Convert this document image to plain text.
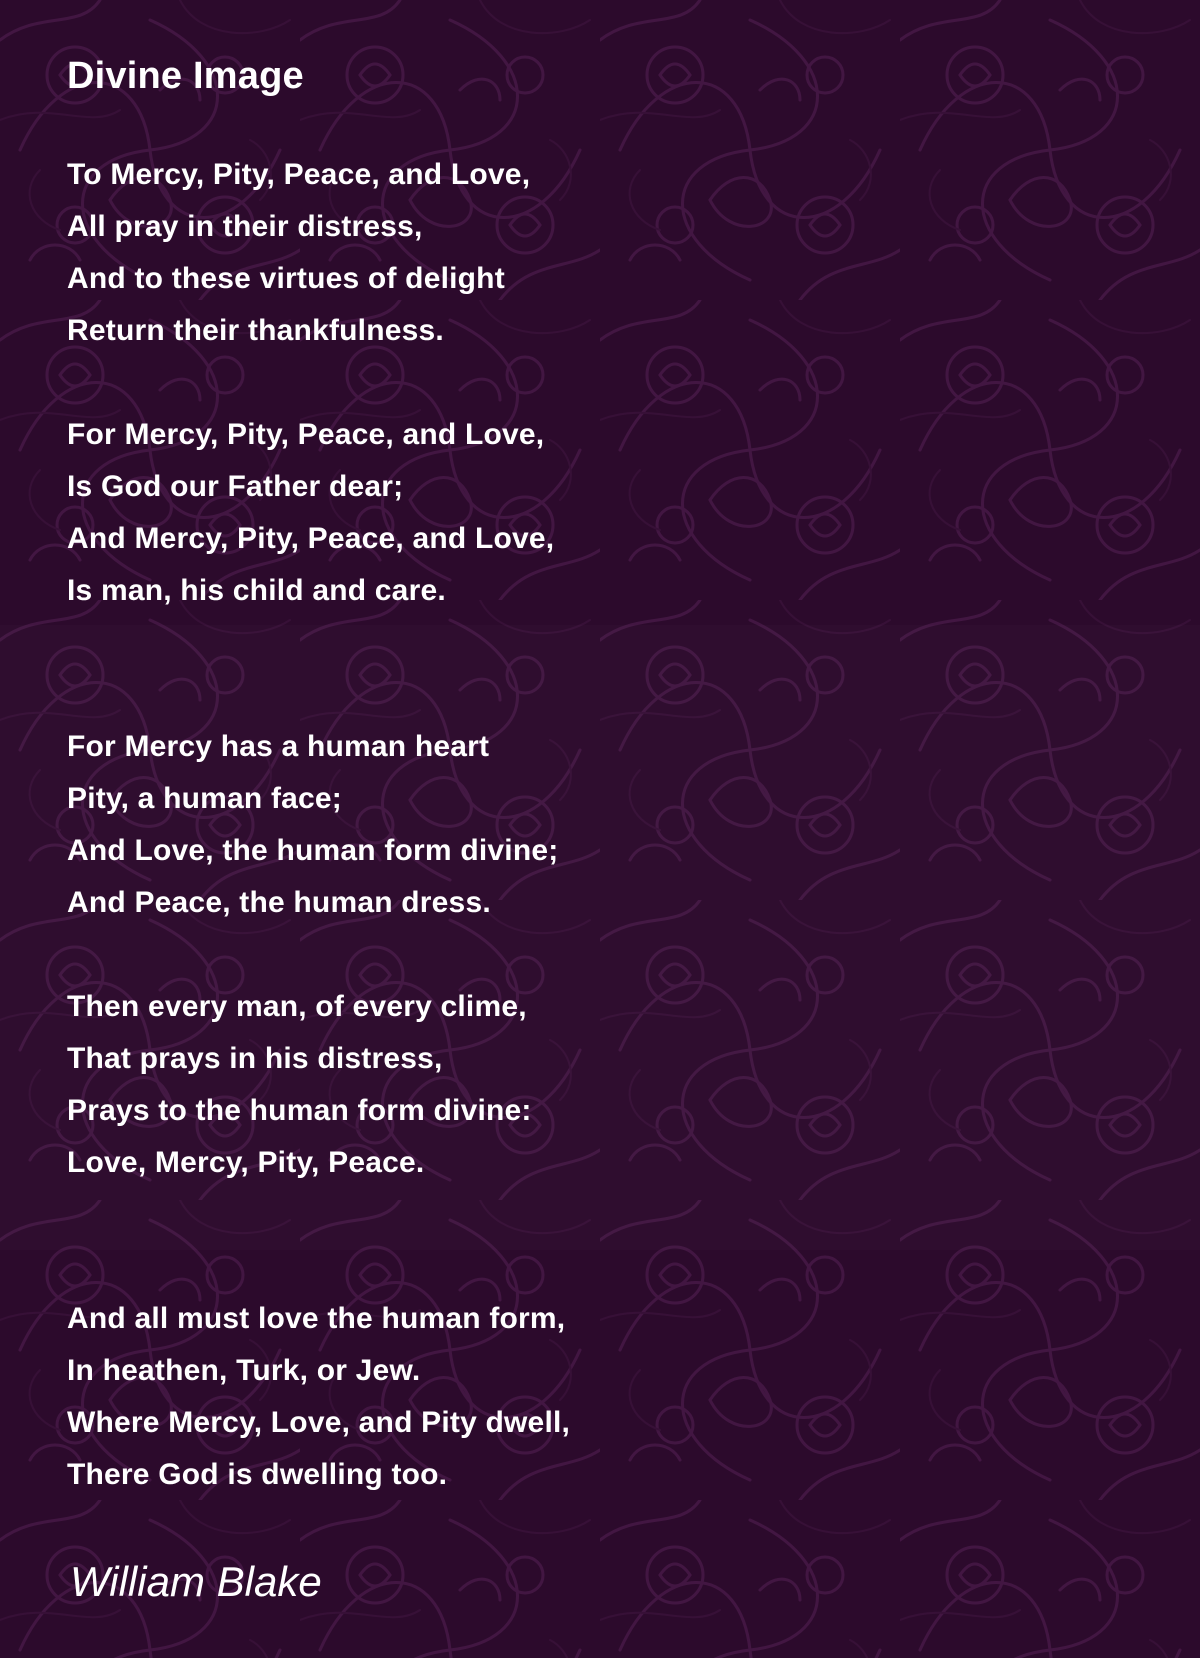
Divine Image
To Mercy, Pity, Peace, and Love,
All pray in their distress,
And to these virtues of delight
Return their thankfulness.
For Mercy, Pity, Peace, and Love,
Is God our Father dear;
And Mercy, Pity, Peace, and Love,
Is man, his child and care.
For Mercy has a human heart
Pity, a human face;
And Love, the human form divine;
And Peace, the human dress.
Then every man, of every clime,
That prays in his distress,
Prays to the human form divine:
Love, Mercy, Pity, Peace.
And all must love the human form,
In heathen, Turk, or Jew.
Where Mercy, Love, and Pity dwell,
There God is dwelling too.

William Blake
